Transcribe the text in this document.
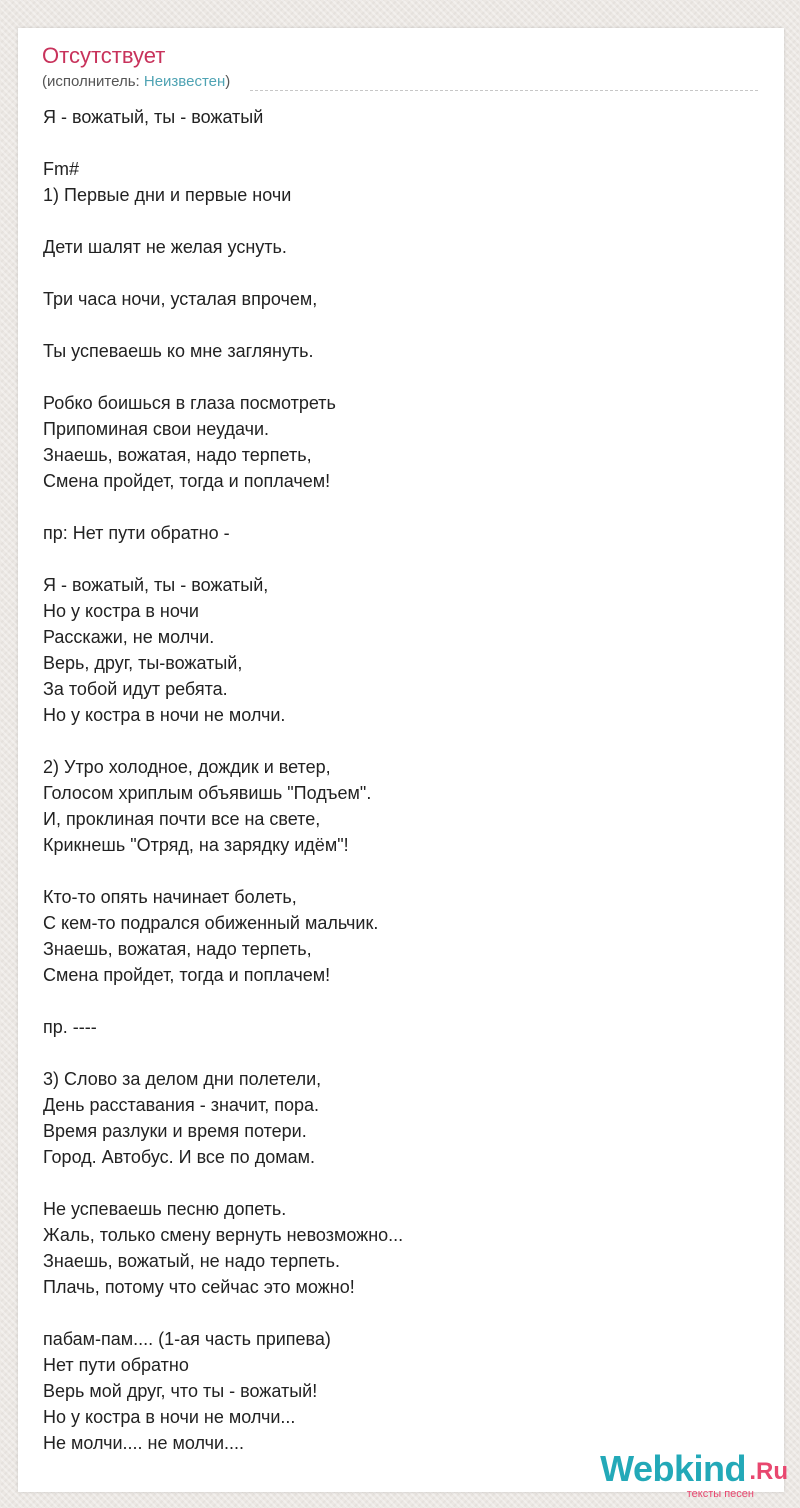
Отсутствует
(исполнитель: Неизвестен)
Я - вожатый, ты - вожатый
Fm#
1) Первые дни и первые ночи
Дети шалят не желая уснуть.
Три часа ночи, усталая впрочем,
Ты успеваешь ко мне заглянуть.
Робко боишься в глаза посмотреть
Припоминая свои неудачи.
Знаешь, вожатая, надо терпеть,
Смена пройдет, тогда и поплачем!
пр: Нет пути обратно -
Я - вожатый, ты - вожатый,
Но у костра в ночи
Расскажи, не молчи.
Верь, друг, ты-вожатый,
За тобой идут ребята.
Но у костра в ночи не молчи.
2) Утро холодное, дождик и ветер,
Голосом хриплым объявишь "Подъем".
И, проклиная почти все на свете,
Крикнешь "Отряд, на зарядку идём"!
Кто-то опять начинает болеть,
С кем-то подрался обиженный мальчик.
Знаешь, вожатая, надо терпеть,
Смена пройдет, тогда и поплачем!
пр. ----
3) Слово за делом дни полетели,
День расставания - значит, пора.
Время разлуки и время потери.
Город. Автобус. И все по домам.
Не успеваешь песню допеть.
Жаль, только смену вернуть невозможно...
Знаешь, вожатый, не надо терпеть.
Плачь, потому что сейчас это можно!
пабам-пам.... (1-ая часть припева)
Нет пути обратно
Верь мой друг, что ты - вожатый!
Но у костра в ночи не молчи...
Не молчи.... не молчи....
Webkind .Ru
тексты песен
